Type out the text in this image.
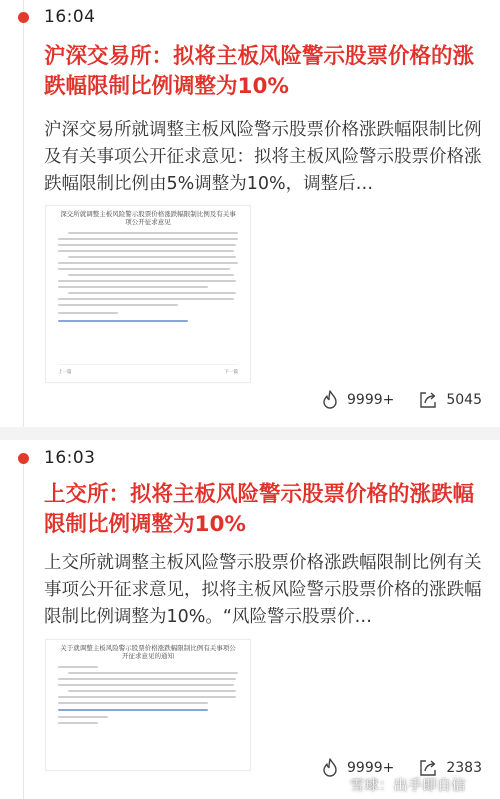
16:04
沪深交易所：拟将主板风险警示股票价格的涨跌幅限制比例调整为10%
沪深交易所就调整主板风险警示股票价格涨跌幅限制比例及有关事项公开征求意见：拟将主板风险警示股票价格涨跌幅限制比例由5%调整为10%，调整后…
深交所就调整主板风险警示股票价格涨跌幅限制比例及有关事项公开征求意见
上一篇	下一篇
9999+	5045
16:03
上交所：拟将主板风险警示股票价格的涨跌幅限制比例调整为10%
上交所就调整主板风险警示股票价格涨跌幅限制比例有关事项公开征求意见，拟将主板风险警示股票价格的涨跌幅限制比例调整为10%。“风险警示股票价…
关于就调整主板风险警示股票价格涨跌幅限制比例有关事项公开征求意见的通知
9999+	2383
雪球：出手即自信
